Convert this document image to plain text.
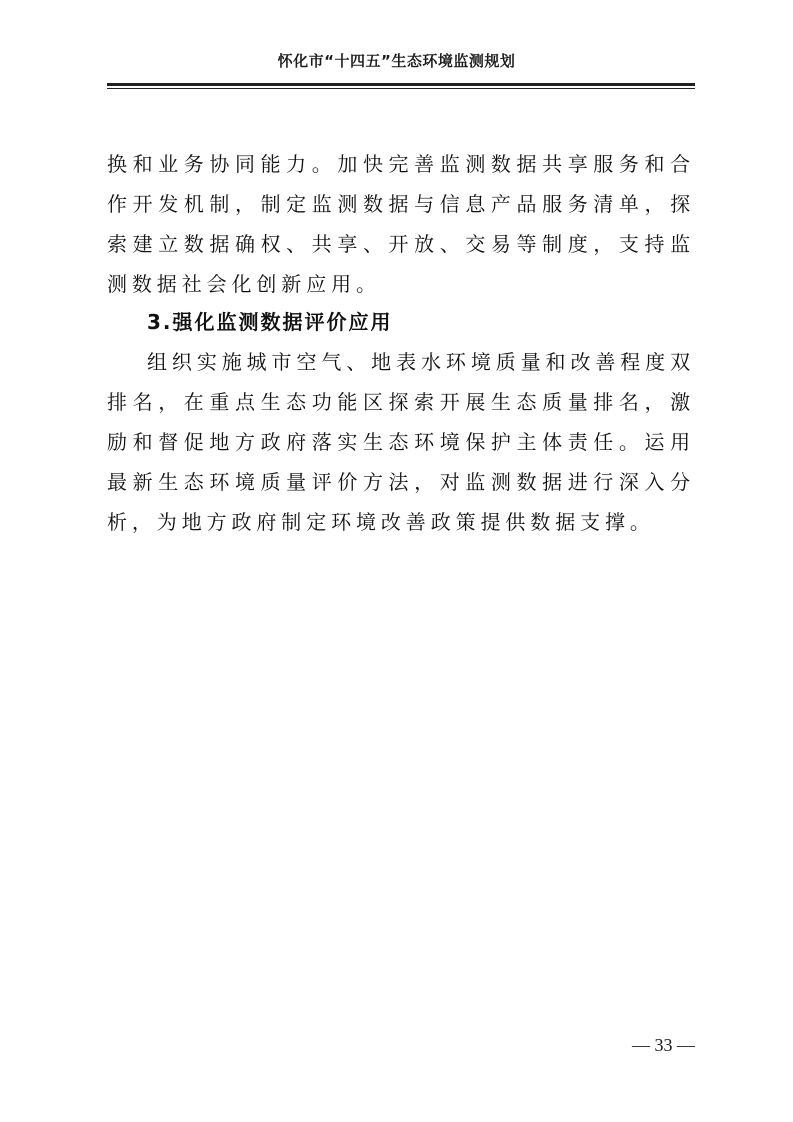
怀化市“十四五”生态环境监测规划

换和业务协同能力。加快完善监测数据共享服务和合作开发机制，制定监测数据与信息产品服务清单，探索建立数据确权、共享、开放、交易等制度，支持监测数据社会化创新应用。

3.强化监测数据评价应用

组织实施城市空气、地表水环境质量和改善程度双排名，在重点生态功能区探索开展生态质量排名，激励和督促地方政府落实生态环境保护主体责任。运用最新生态环境质量评价方法，对监测数据进行深入分析，为地方政府制定环境改善政策提供数据支撑。

— 33 —
